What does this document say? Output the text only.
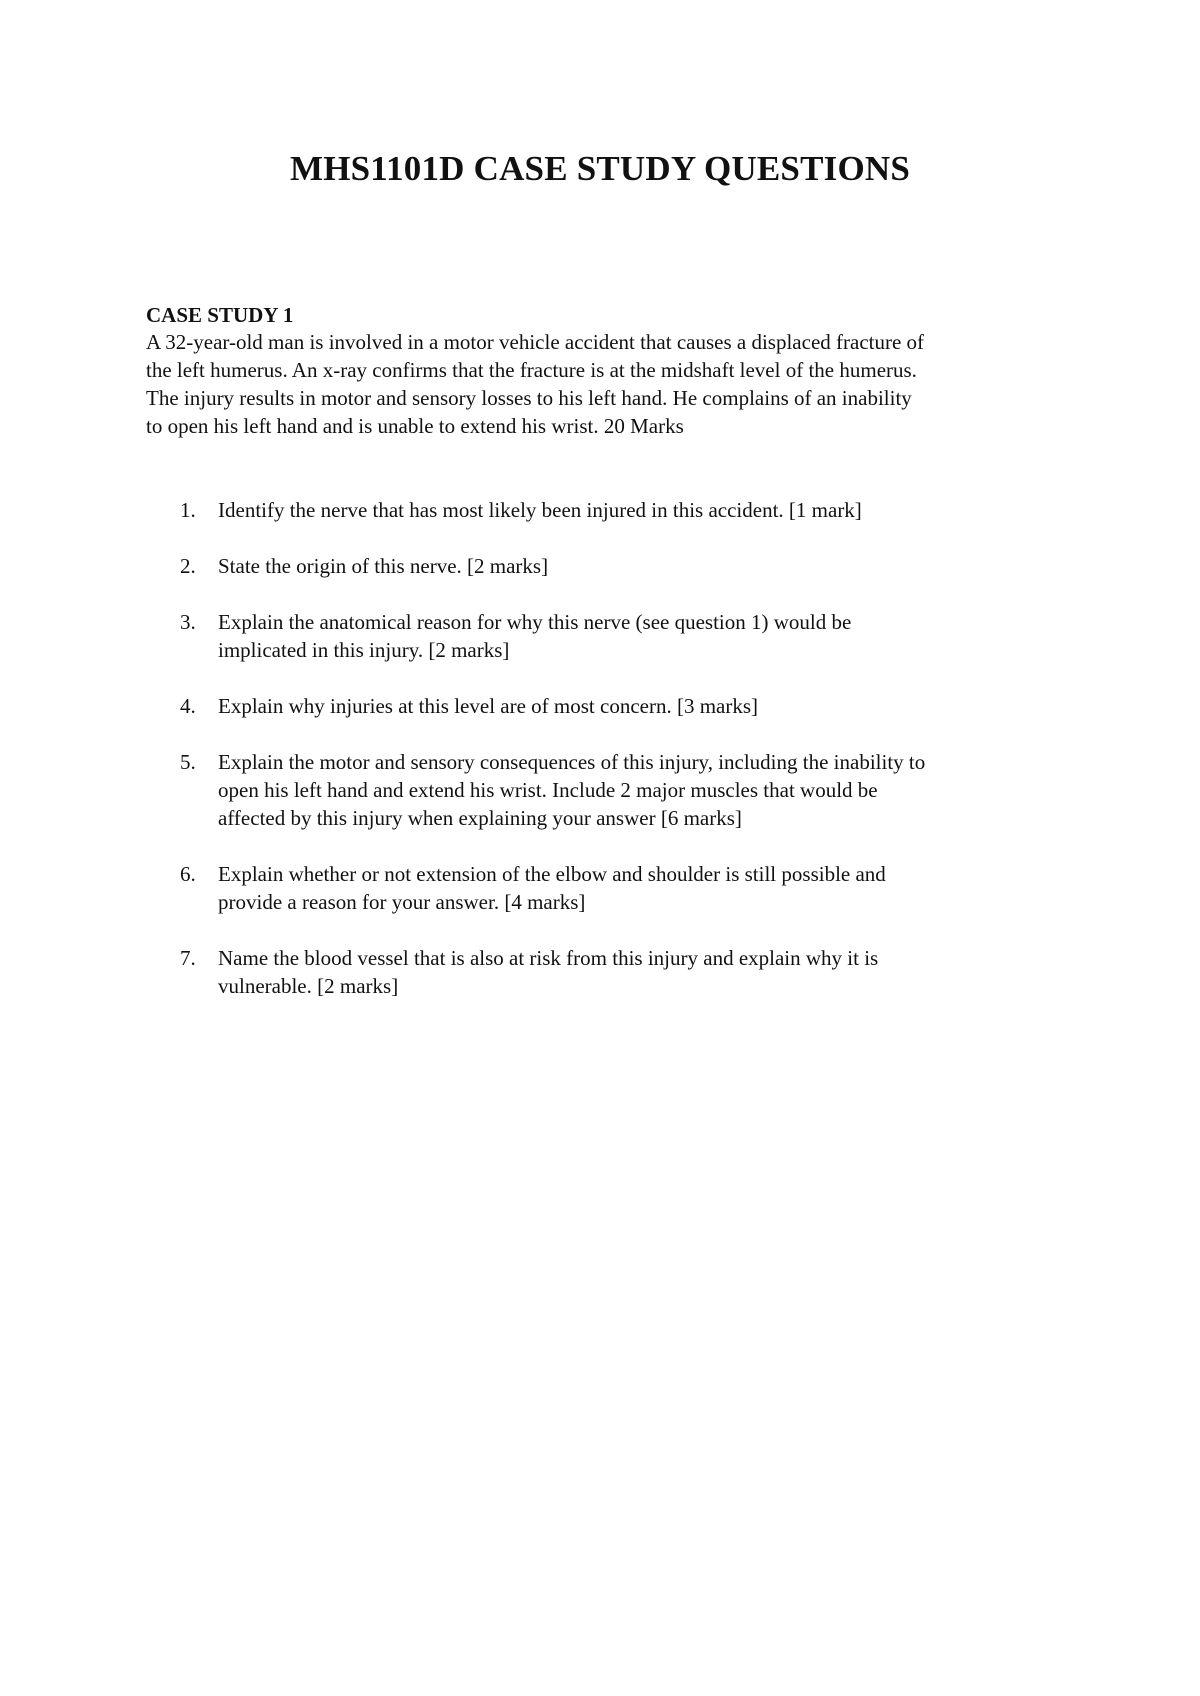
MHS1101D CASE STUDY QUESTIONS

CASE STUDY 1

A 32-year-old man is involved in a motor vehicle accident that causes a displaced fracture of
the left humerus. An x-ray confirms that the fracture is at the midshaft level of the humerus.
The injury results in motor and sensory losses to his left hand. He complains of an inability
to open his left hand and is unable to extend his wrist. 20 Marks

1. Identify the nerve that has most likely been injured in this accident. [1 mark]
2. State the origin of this nerve. [2 marks]
3. Explain the anatomical reason for why this nerve (see question 1) would be
implicated in this injury. [2 marks]
4. Explain why injuries at this level are of most concern. [3 marks]
5. Explain the motor and sensory consequences of this injury, including the inability to
open his left hand and extend his wrist. Include 2 major muscles that would be
affected by this injury when explaining your answer [6 marks]
6. Explain whether or not extension of the elbow and shoulder is still possible and
provide a reason for your answer. [4 marks]
7. Name the blood vessel that is also at risk from this injury and explain why it is
vulnerable. [2 marks]
